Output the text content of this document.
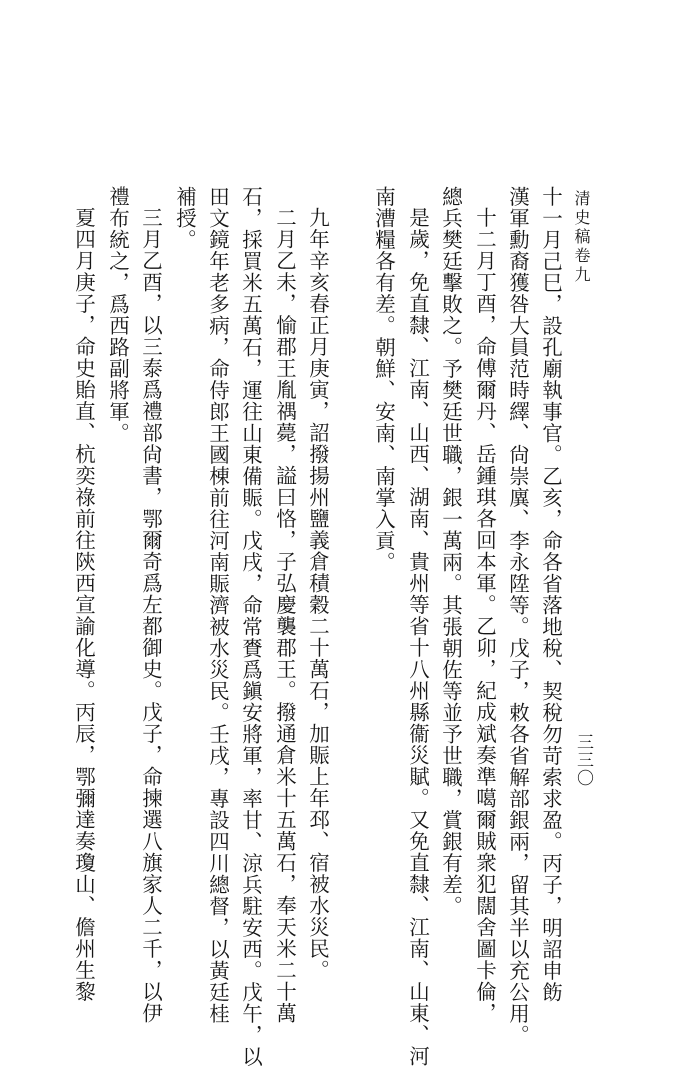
清史稿卷九
三三〇
十一月己巳，設孔廟執事官。乙亥，命各省落地稅、契稅勿苛索求盈。丙子，明詔申飭
漢軍勳裔獲咎大員范時繹、尙崇廙、李永陞等。戊子，敕各省解部銀兩，留其半以充公用。
十二月丁酉，命傅爾丹、岳鍾琪各回本軍。乙卯，紀成斌奏準噶爾賊衆犯闊舍圖卡倫，
總兵樊廷擊敗之。予樊廷世職，銀一萬兩。其張朝佐等並予世職，賞銀有差。
是歲，免直隸、江南、山西、湖南、貴州等省十八州縣衞災賦。又免直隸、江南、山東、河
南漕糧各有差。朝鮮、安南、南掌入貢。
九年辛亥春正月庚寅，詔撥揚州鹽義倉積穀二十萬石，加賑上年邳、宿被水災民。
二月乙未，愉郡王胤禑薨，謚曰恪，子弘慶襲郡王。撥通倉米十五萬石，奉天米二十萬
石，採買米五萬石，運往山東備賑。戊戌，命常賚爲鎭安將軍，率甘、涼兵駐安西。戊午，以
田文鏡年老多病，命侍郎王國棟前往河南賑濟被水災民。壬戌，專設四川總督，以黃廷桂
補授。
三月乙酉，以三泰爲禮部尙書，鄂爾奇爲左都御史。戊子，命揀選八旗家人二千，以伊
禮布統之，爲西路副將軍。
夏四月庚子，命史貽直、杭奕祿前往陝西宣諭化導。丙辰，鄂彌達奏瓊山、儋州生黎
